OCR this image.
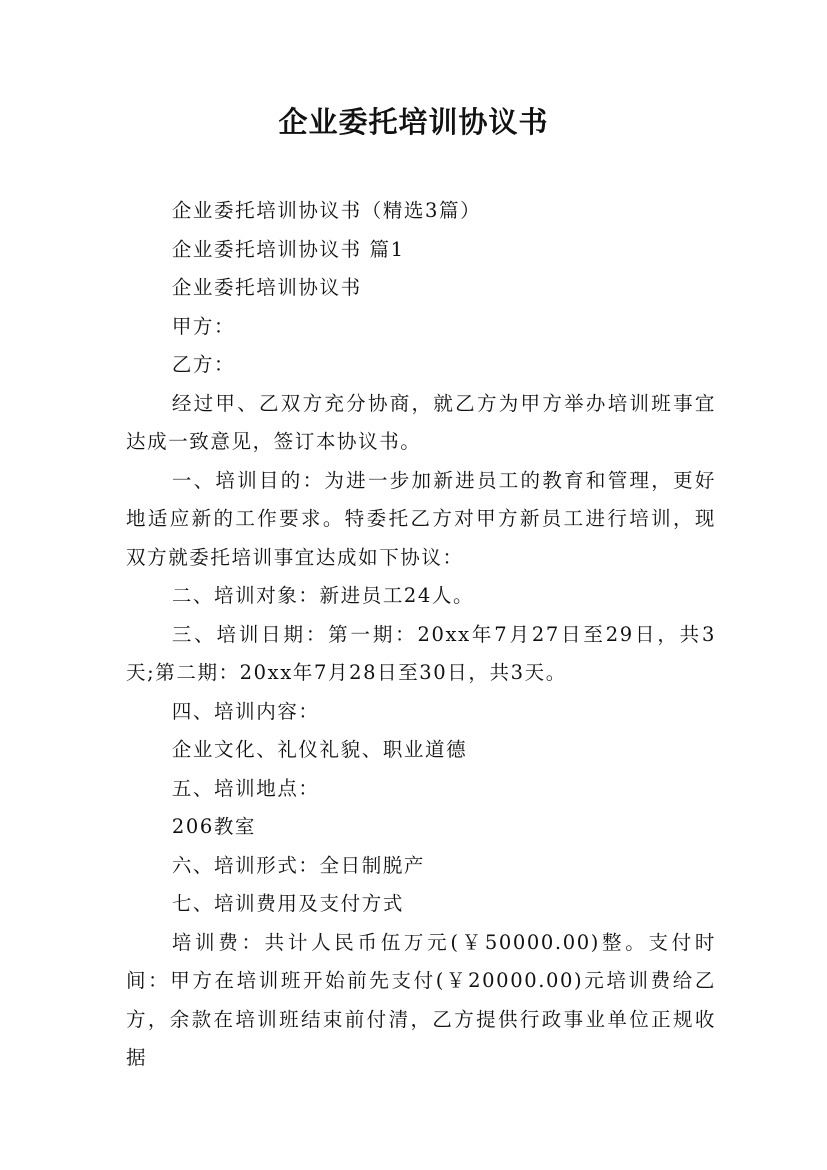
企业委托培训协议书

企业委托培训协议书（精选3篇）

企业委托培训协议书 篇1

企业委托培训协议书

甲方：

乙方：

经过甲、乙双方充分协商，就乙方为甲方举办培训班事宜达成一致意见，签订本协议书。

一、培训目的：为进一步加新进员工的教育和管理，更好地适应新的工作要求。特委托乙方对甲方新员工进行培训，现双方就委托培训事宜达成如下协议：

二、培训对象：新进员工24人。

三、培训日期：第一期：20xx年7月27日至29日，共3天;第二期：20xx年7月28日至30日，共3天。

四、培训内容：

企业文化、礼仪礼貌、职业道德

五、培训地点：

206教室

六、培训形式：全日制脱产

七、培训费用及支付方式

培训费：共计人民币伍万元(￥50000.00)整。支付时间：甲方在培训班开始前先支付(￥20000.00)元培训费给乙方，余款在培训班结束前付清，乙方提供行政事业单位正规收据
